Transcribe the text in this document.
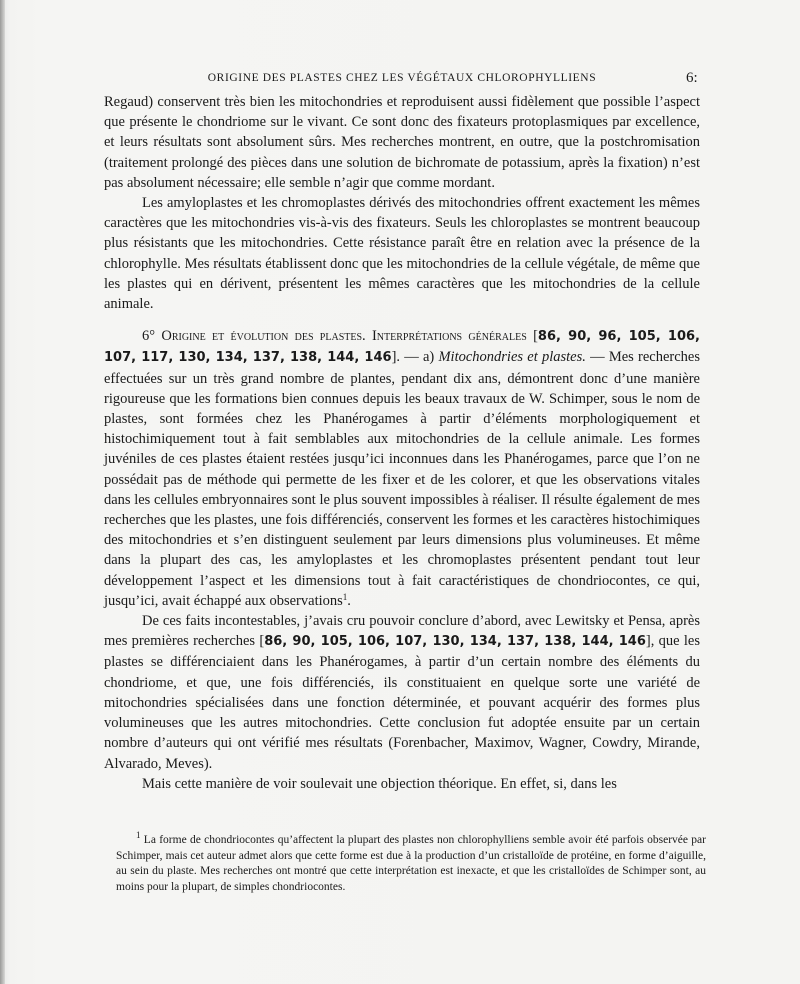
ORIGINE DES PLASTES CHEZ LES VÉGÉTAUX CHLOROPHYLLIENS	6:

Regaud) conservent très bien les mitochondries et reproduisent aussi fidèlement que possible l’aspect que présente le chondriome sur le vivant. Ce sont donc des fixateurs protoplasmiques par excellence, et leurs résultats sont absolument sûrs. Mes recherches montrent, en outre, que la postchromisation (traitement prolongé des pièces dans une solution de bichromate de potassium, après la fixation) n’est pas absolument nécessaire; elle semble n’agir que comme mordant.

Les amyloplastes et les chromoplastes dérivés des mitochondries offrent exactement les mêmes caractères que les mitochondries vis-à-vis des fixateurs. Seuls les chloroplastes se montrent beaucoup plus résistants que les mitochondries. Cette résistance paraît être en relation avec la présence de la chlorophylle. Mes résultats établissent donc que les mitochondries de la cellule végétale, de même que les plastes qui en dérivent, présentent les mêmes caractères que les mitochondries de la cellule animale.

6° Origine et évolution des plastes. Interprétations générales [86, 90, 96, 105, 106, 107, 117, 130, 134, 137, 138, 144, 146]. — a) Mitochondries et plastes. — Mes recherches effectuées sur un très grand nombre de plantes, pendant dix ans, démontrent donc d’une manière rigoureuse que les formations bien connues depuis les beaux travaux de W. Schimper, sous le nom de plastes, sont formées chez les Phanérogames à partir d’éléments morphologiquement et histochimiquement tout à fait semblables aux mitochondries de la cellule animale. Les formes juvéniles de ces plastes étaient restées jusqu’ici inconnues dans les Phanérogames, parce que l’on ne possédait pas de méthode qui permette de les fixer et de les colorer, et que les observations vitales dans les cellules embryonnaires sont le plus souvent impossibles à réaliser. Il résulte également de mes recherches que les plastes, une fois différenciés, conservent les formes et les caractères histochimiques des mitochondries et s’en distinguent seulement par leurs dimensions plus volumineuses. Et même dans la plupart des cas, les amyloplastes et les chromoplastes présentent pendant tout leur développement l’aspect et les dimensions tout à fait caractéristiques de chondriocontes, ce qui, jusqu’ici, avait échappé aux observations$^1$.

De ces faits incontestables, j’avais cru pouvoir conclure d’abord, avec Lewitsky et Pensa, après mes premières recherches [86, 90, 105, 106, 107, 130, 134, 137, 138, 144, 146], que les plastes se différenciaient dans les Phanérogames, à partir d’un certain nombre des éléments du chondriome, et que, une fois différenciés, ils constituaient en quelque sorte une variété de mitochondries spécialisées dans une fonction déterminée, et pouvant acquérir des formes plus volumineuses que les autres mitochondries. Cette conclusion fut adoptée ensuite par un certain nombre d’auteurs qui ont vérifié mes résultats (Forenbacher, Maximov, Wagner, Cowdry, Mirande, Alvarado, Meves).

Mais cette manière de voir soulevait une objection théorique. En effet, si, dans les

$^1$ La forme de chondriocontes qu’affectent la plupart des plastes non chlorophylliens semble avoir été parfois observée par Schimper, mais cet auteur admet alors que cette forme est due à la production d’un cristalloïde de protéine, en forme d’aiguille, au sein du plaste. Mes recherches ont montré que cette interprétation est inexacte, et que les cristalloïdes de Schimper sont, au moins pour la plupart, de simples chondriocontes.
